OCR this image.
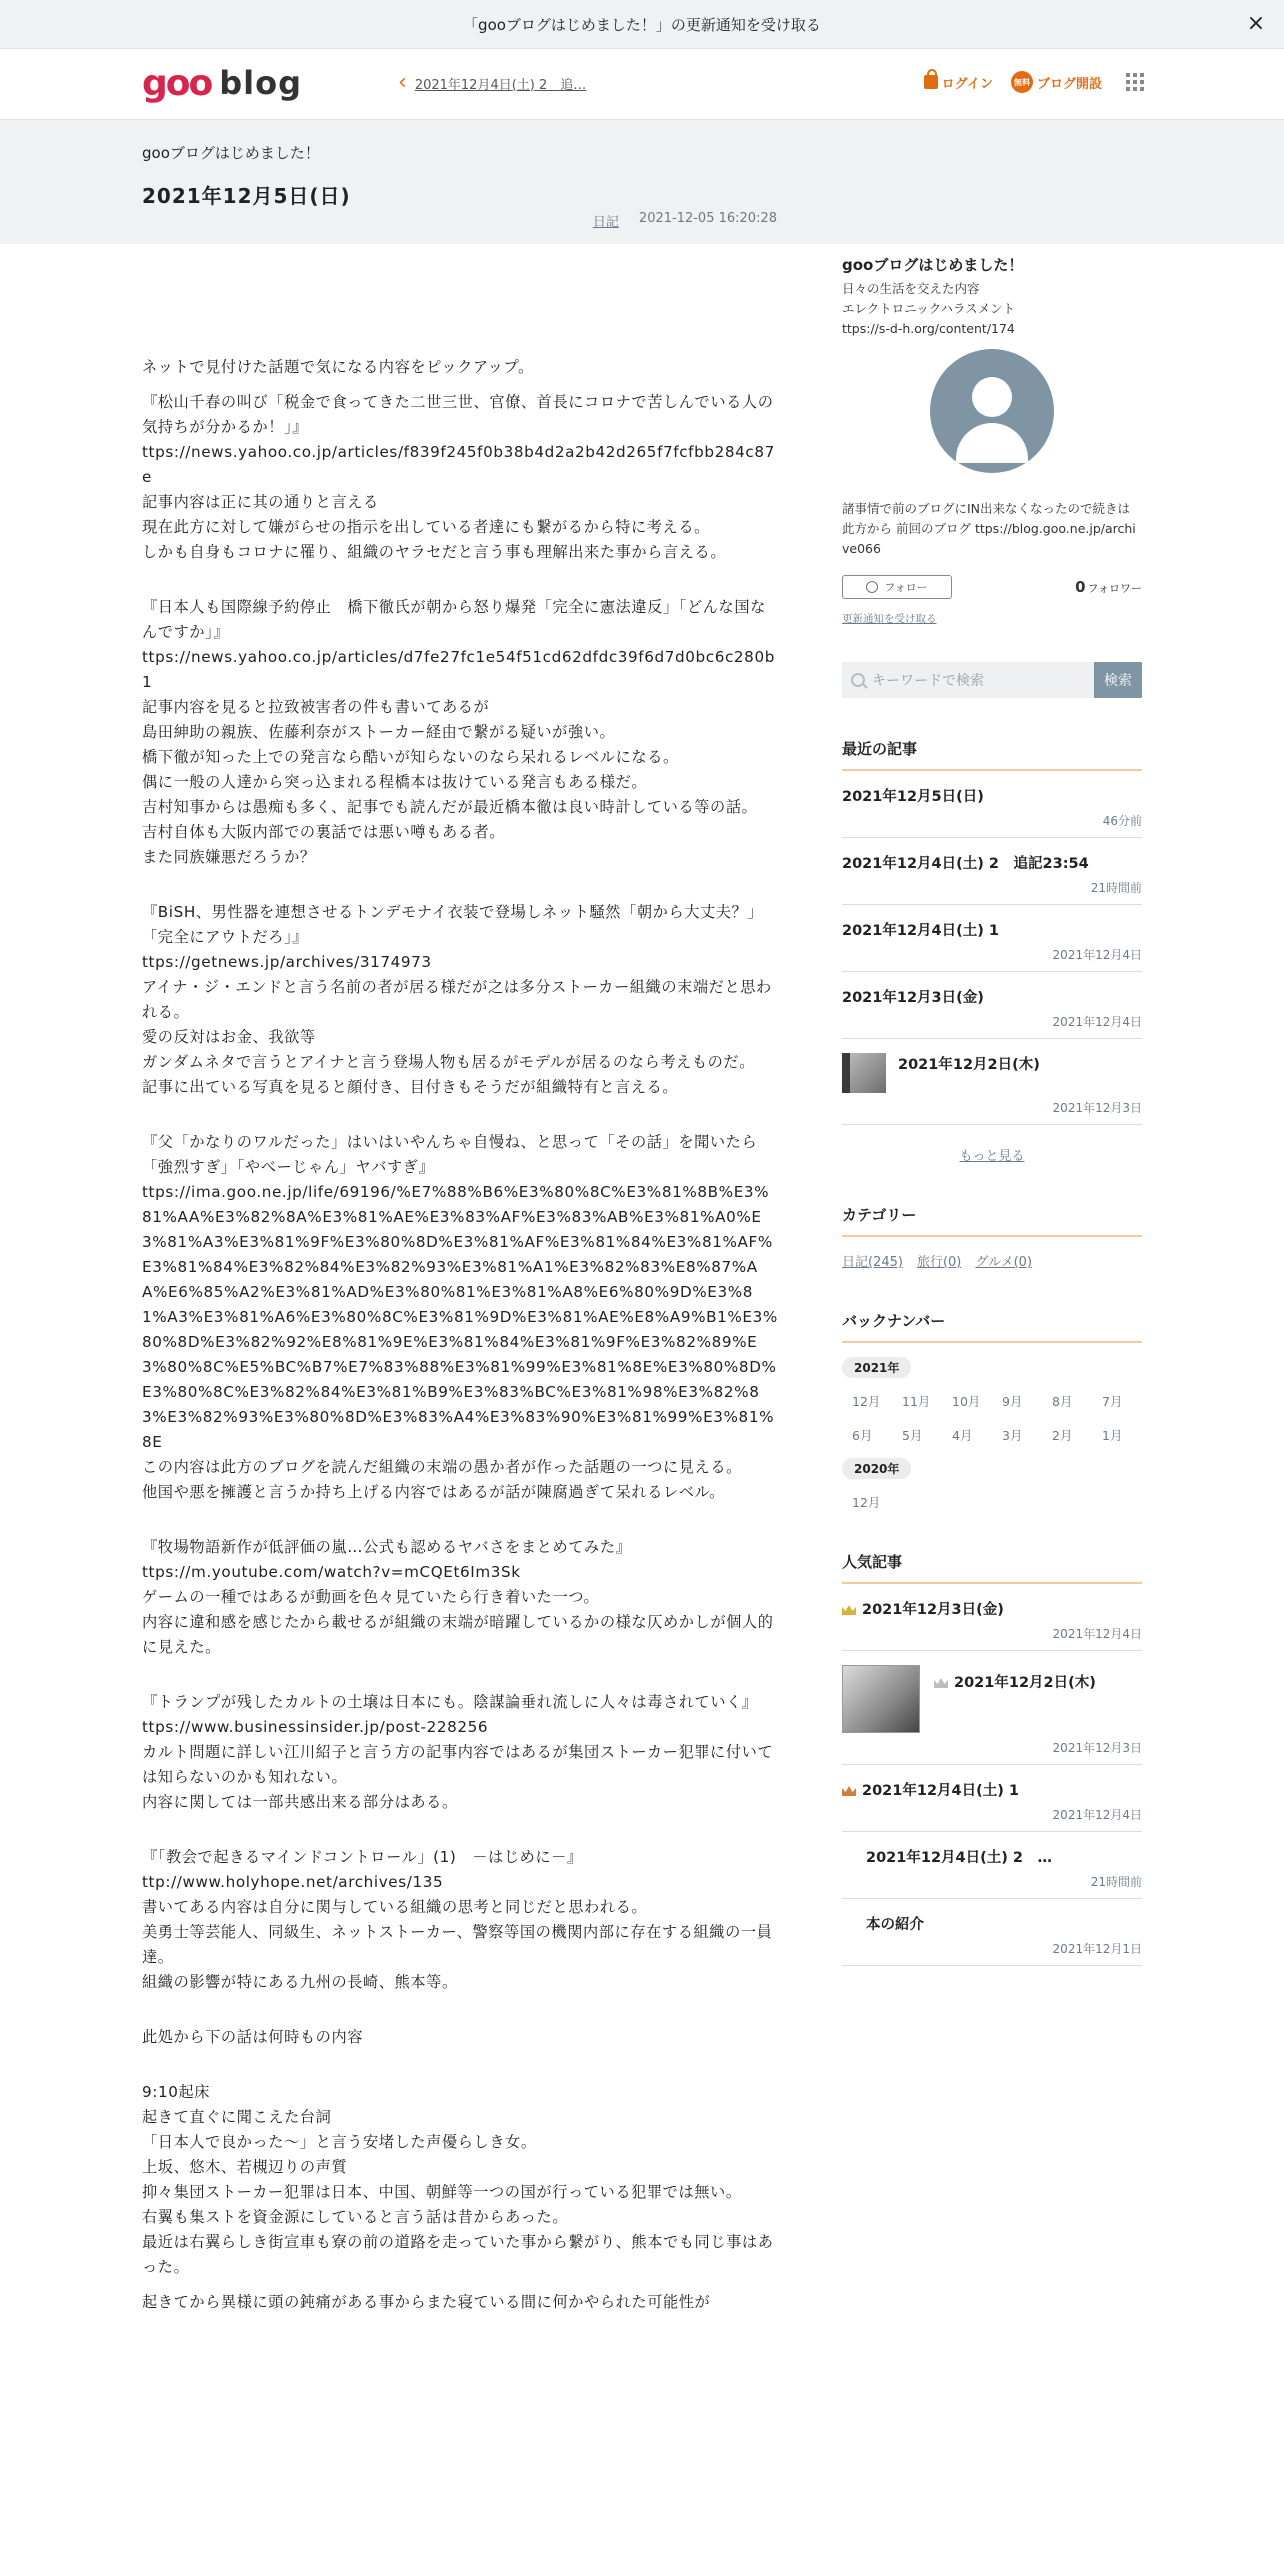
「gooブログはじめました！」の更新通知を受け取る	×
goo blog	‹ 2021年12月4日(土) 2　追…	ログイン	無料 ブログ開設
gooブログはじめました！
2021年12月5日(日)
日記 2021-12-05 16:20:28

ネットで見付けた話題で気になる内容をピックアップ。

『松山千春の叫び「税金で食ってきた二世三世、官僚、首長にコロナで苦しんでいる人の気持ちが分かるか！」』
ttps://news.yahoo.co.jp/articles/f839f245f0b38b4d2a2b42d265f7fcfbb284c87e
記事内容は正に其の通りと言える
現在此方に対して嫌がらせの指示を出している者達にも繋がるから特に考える。
しかも自身もコロナに罹り、組織のヤラセだと言う事も理解出来た事から言える。

『日本人も国際線予約停止　橋下徹氏が朝から怒り爆発「完全に憲法違反」「どんな国なんですか」』
ttps://news.yahoo.co.jp/articles/d7fe27fc1e54f51cd62dfdc39f6d7d0bc6c280b1
記事内容を見ると拉致被害者の件も書いてあるが
島田紳助の親族、佐藤利奈がストーカー経由で繋がる疑いが強い。
橋下徹が知った上での発言なら酷いが知らないのなら呆れるレベルになる。
偶に一般の人達から突っ込まれる程橋本は抜けている発言もある様だ。
吉村知事からは愚痴も多く、記事でも読んだが最近橋本徹は良い時計している等の話。
吉村自体も大阪内部での裏話では悪い噂もある者。
また同族嫌悪だろうか？

『BiSH、男性器を連想させるトンデモナイ衣装で登場しネット騒然「朝から大丈夫？」「完全にアウトだろ」』
ttps://getnews.jp/archives/3174973
アイナ・ジ・エンドと言う名前の者が居る様だが之は多分ストーカー組織の末端だと思われる。
愛の反対はお金、我欲等
ガンダムネタで言うとアイナと言う登場人物も居るがモデルが居るのなら考えものだ。
記事に出ている写真を見ると顔付き、目付きもそうだが組織特有と言える。

『父「かなりのワルだった」はいはいやんちゃ自慢ね、と思って「その話」を聞いたら「強烈すぎ」「やべーじゃん」ヤバすぎ』
ttps://ima.goo.ne.jp/life/69196/%E7%88%B6%E3%80%8C%E3%81%8B%E3%81%AA%E3%82%8A%E3%81%AE%E3%83%AF%E3%83%AB%E3%81%A0%E3%81%A3%E3%81%9F%E3%80%8D%E3%81%AF%E3%81%84%E3%81%AF%E3%81%84%E3%82%84%E3%82%93%E3%81%A1%E3%82%83%E8%87%AA%E6%85%A2%E3%81%AD%E3%80%81%E3%81%A8%E6%80%9D%E3%81%A3%E3%81%A6%E3%80%8C%E3%81%9D%E3%81%AE%E8%A9%B1%E3%80%8D%E3%82%92%E8%81%9E%E3%81%84%E3%81%9F%E3%82%89%E3%80%8C%E5%BC%B7%E7%83%88%E3%81%99%E3%81%8E%E3%80%8D%E3%80%8C%E3%82%84%E3%81%B9%E3%83%BC%E3%81%98%E3%82%83%E3%82%93%E3%80%8D%E3%83%A4%E3%83%90%E3%81%99%E3%81%8E
この内容は此方のブログを読んだ組織の末端の愚か者が作った話題の一つに見える。
他国や悪を擁護と言うか持ち上げる内容ではあるが話が陳腐過ぎて呆れるレベル。

『牧場物語新作が低評価の嵐…公式も認めるヤバさをまとめてみた』
ttps://m.youtube.com/watch?v=mCQEt6Im3Sk
ゲームの一種ではあるが動画を色々見ていたら行き着いた一つ。
内容に違和感を感じたから載せるが組織の末端が暗躍しているかの様な仄めかしが個人的に見えた。

『トランプが残したカルトの土壌は日本にも。陰謀論垂れ流しに人々は毒されていく』
ttps://www.businessinsider.jp/post-228256
カルト問題に詳しい江川紹子と言う方の記事内容ではあるが集団ストーカー犯罪に付いては知らないのかも知れない。
内容に関しては一部共感出来る部分はある。

『「教会で起きるマインドコントロール」(1)　－はじめに－』
ttp://www.holyhope.net/archives/135
書いてある内容は自分に関与している組織の思考と同じだと思われる。
美勇士等芸能人、同級生、ネットストーカー、警察等国の機関内部に存在する組織の一員達。
組織の影響が特にある九州の長崎、熊本等。

此処から下の話は何時もの内容

9:10起床
起きて直ぐに聞こえた台詞
「日本人で良かった～」と言う安堵した声優らしき女。
上坂、悠木、若槻辺りの声質
抑々集団ストーカー犯罪は日本、中国、朝鮮等一つの国が行っている犯罪では無い。
右翼も集ストを資金源にしていると言う話は昔からあった。
最近は右翼らしき街宣車も寮の前の道路を走っていた事から繋がり、熊本でも同じ事はあった。

起きてから異様に頭の鈍痛がある事からまた寝ている間に何かやられた可能性が

gooブログはじめました！
日々の生活を交えた内容
エレクトロニックハラスメント
ttps://s-d-h.org/content/174
諸事情で前のブログにIN出来なくなったので続きは此方から 前回のブログ ttps://blog.goo.ne.jp/archive066
フォロー	0 フォロワー
更新通知を受け取る
キーワードで検索	検索
最近の記事
2021年12月5日(日)
46分前
2021年12月4日(土) 2　追記23:54
21時間前
2021年12月4日(土) 1
2021年12月4日
2021年12月3日(金)
2021年12月4日
2021年12月2日(木)
2021年12月3日
もっと見る
カテゴリー
日記(245) 旅行(0) グルメ(0)
バックナンバー
2021年
12月	11月	10月	9月	8月	7月
6月	5月	4月	3月	2月	1月
2020年
12月
人気記事
2021年12月3日(金)
2021年12月4日
2021年12月2日(木)
2021年12月3日
2021年12月4日(土) 1
2021年12月4日
2021年12月4日(土) 2　…
21時間前
本の紹介
2021年12月1日
